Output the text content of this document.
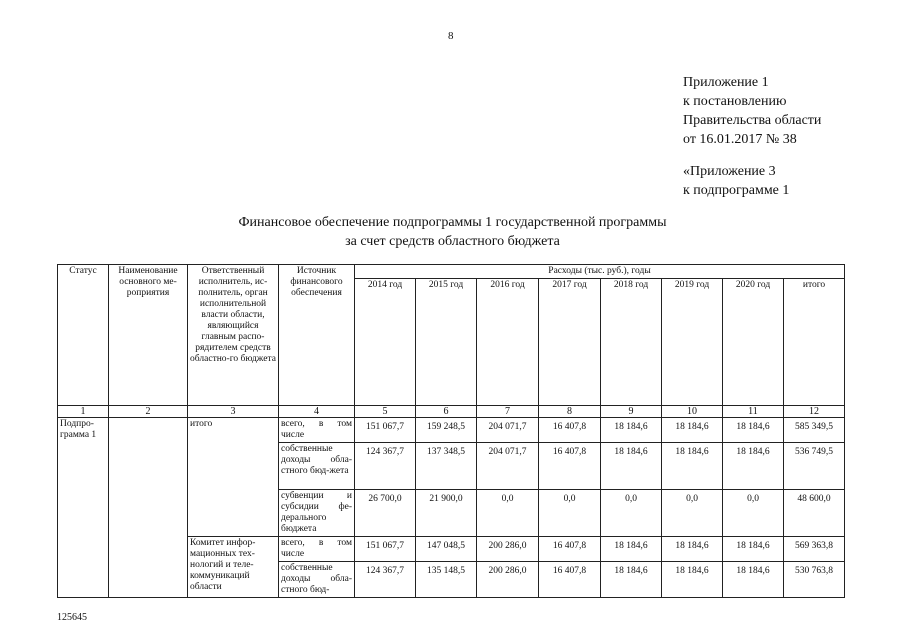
8
Приложение 1
к постановлению
Правительства области
от 16.01.2017 № 38
«Приложение 3
к подпрограмме 1
Финансовое обеспечение подпрограммы 1 государственной программы
за счет средств областного бюджета
Статус	Наименование основного ме-роприятия	Ответственный исполнитель, ис-полнитель, орган исполнительной власти области, являющийся главным распо-рядителем средств областно-го бюджета	Источник финансового обеспечения	Расходы (тыс. руб.), годы							
				2014 год	2015 год	2016 год	2017 год	2018 год	2019 год	2020 год	итого
1	2	3	4	5	6	7	8	9	10	11	12
Подпро-грамма 1		итого	всего, в том числе	151 067,7	159 248,5	204 071,7	16 407,8	18 184,6	18 184,6	18 184,6	585 349,5
			собственные доходы обла-стного бюд-жета	124 367,7	137 348,5	204 071,7	16 407,8	18 184,6	18 184,6	18 184,6	536 749,5
			субвенции и субсидии фе-дерального бюджета	26 700,0	21 900,0	0,0	0,0	0,0	0,0	0,0	48 600,0
		Комитет инфор-мационных тех-нологий и теле-коммуникаций области	всего, в том числе	151 067,7	147 048,5	200 286,0	16 407,8	18 184,6	18 184,6	18 184,6	569 363,8
			собственные доходы обла-стного бюд-	124 367,7	135 148,5	200 286,0	16 407,8	18 184,6	18 184,6	18 184,6	530 763,8
125645
